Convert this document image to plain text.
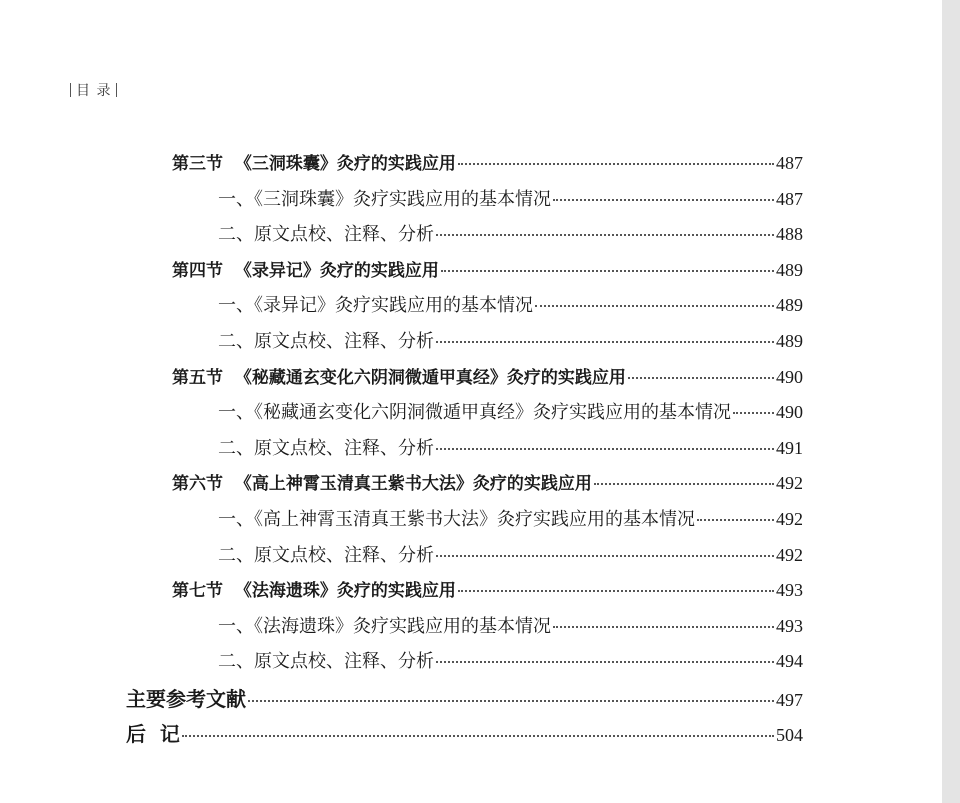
目 录
第三节  《三洞珠囊》灸疗的实践应用	487
一、《三洞珠囊》灸疗实践应用的基本情况	487
二、原文点校、注释、分析	488
第四节  《录异记》灸疗的实践应用	489
一、《录异记》灸疗实践应用的基本情况	489
二、原文点校、注释、分析	489
第五节  《秘藏通玄变化六阴洞微遁甲真经》灸疗的实践应用	490
一、《秘藏通玄变化六阴洞微遁甲真经》灸疗实践应用的基本情况	490
二、原文点校、注释、分析	491
第六节  《高上神霄玉清真王紫书大法》灸疗的实践应用	492
一、《高上神霄玉清真王紫书大法》灸疗实践应用的基本情况	492
二、原文点校、注释、分析	492
第七节  《法海遗珠》灸疗的实践应用	493
一、《法海遗珠》灸疗实践应用的基本情况	493
二、原文点校、注释、分析	494
主要参考文献	497
后  记	504
